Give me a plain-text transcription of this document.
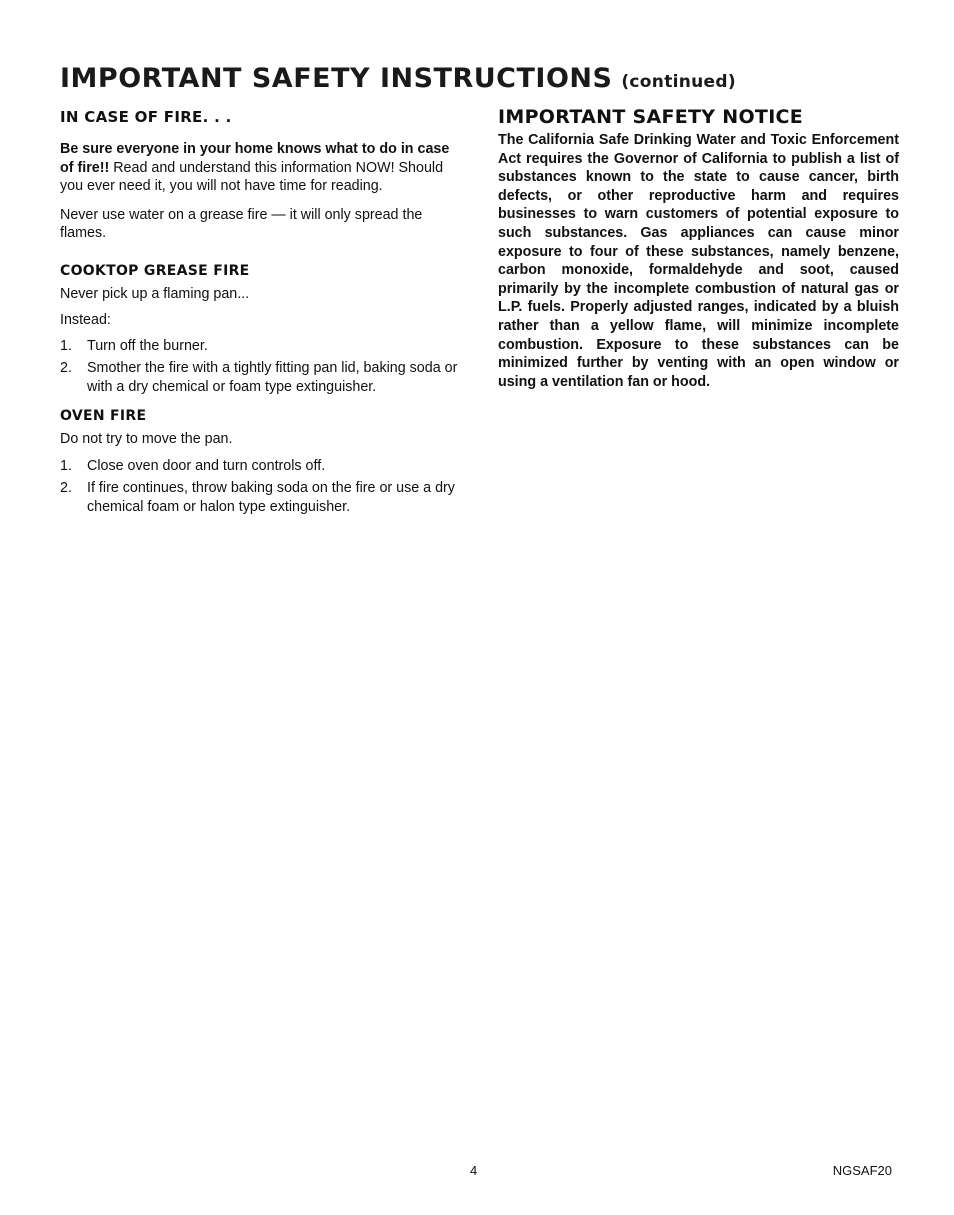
IMPORTANT SAFETY INSTRUCTIONS (continued)
IN CASE OF FIRE. . .

Be sure everyone in your home knows what to do in case of fire!! Read and understand this information NOW! Should you ever need it, you will not have time for reading.

Never use water on a grease fire — it will only spread the flames.

COOKTOP GREASE FIRE

Never pick up a flaming pan...

Instead:

1.	Turn off the burner.
2.	Smother the fire with a tightly fitting pan lid, baking soda or with a dry chemical or foam type extinguisher.
OVEN FIRE

Do not try to move the pan.

1.	Close oven door and turn controls off.
2.	If fire continues, throw baking soda on the fire or use a dry chemical foam or halon type extinguisher.
IMPORTANT SAFETY NOTICE

The California Safe Drinking Water and Toxic Enforcement Act requires the Governor of California to publish a list of substances known to the state to cause cancer, birth defects, or other reproductive harm and requires businesses to warn customers of potential exposure to such substances. Gas appliances can cause minor exposure to four of these substances, namely benzene, carbon monoxide, formaldehyde and soot, caused primarily by the incomplete combustion of natural gas or L.P. fuels. Properly adjusted ranges, indicated by a bluish rather than a yellow flame, will minimize incomplete combustion. Exposure to these substances can be minimized further by venting with an open window or using a ventilation fan or hood.

4	NGSAF20
